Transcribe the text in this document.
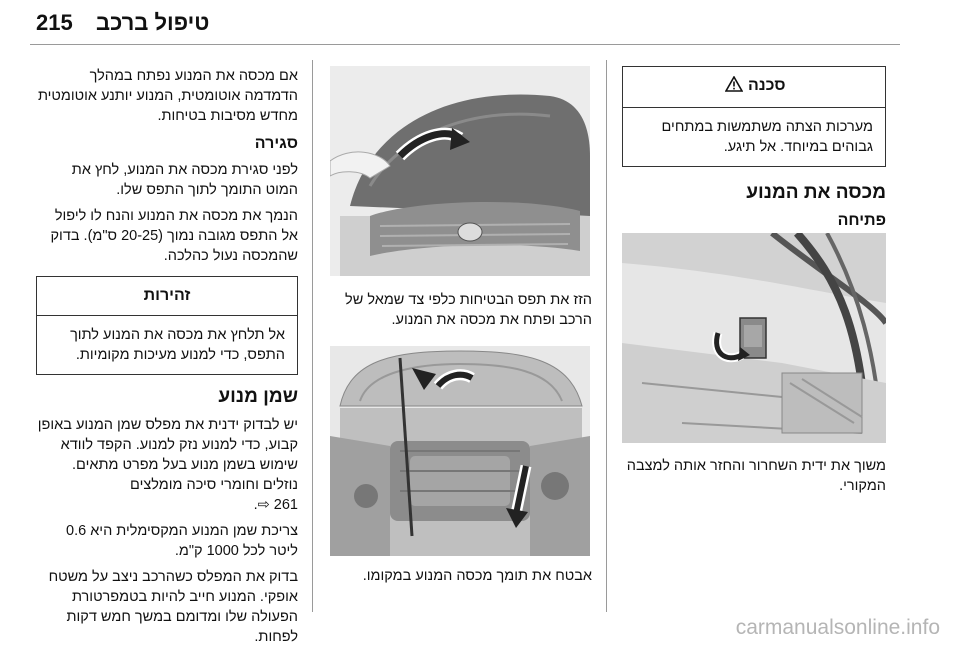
215 טיפול ברכב
סכנה
מערכות הצתה משתמשות במתחים גבוהים במיוחד. אל תיגע.
מכסה את המנוע
פתיחה
משוך את ידית השחרור והחזר אותה למצבה המקורי.
הזז את תפס הבטיחות כלפי צד שמאל של הרכב ופתח את מכסה את המנוע.
אבטח את תומך מכסה המנוע במקומו.

אם מכסה את המנוע נפתח במהלך הדמדמה אוטומטית, המנוע יותנע אוטומטית מחדש מסיבות בטיחות.

סגירה

לפני סגירת מכסה את המנוע, לחץ את המוט התומך לתוך התפס שלו.

הנמך את מכסה את המנוע והנח לו ליפול אל התפס מגובה נמוך (20-25 ס"מ). בדוק שהמכסה נעול כהלכה.

זהירות
אל תלחץ את מכסה את המנוע לתוך התפס, כדי למנוע מעיכות מקומיות.
שמן מנוע

יש לבדוק ידנית את מפלס שמן המנוע באופן קבוע, כדי למנוע נזק למנוע. הקפד לוודא שימוש בשמן מנוע בעל מפרט מתאים. נוזלים וחומרי סיכה מומלצים

261 ⇨.

צריכת שמן המנוע המקסימלית היא 0.6 ליטר לכל 1000 ק"מ.

בדוק את המפלס כשהרכב ניצב על משטח אופקי. המנוע חייב להיות בטמפרטורת הפעולה שלו ומדומם במשך חמש דקות לפחות.	carmanualsonline.info
